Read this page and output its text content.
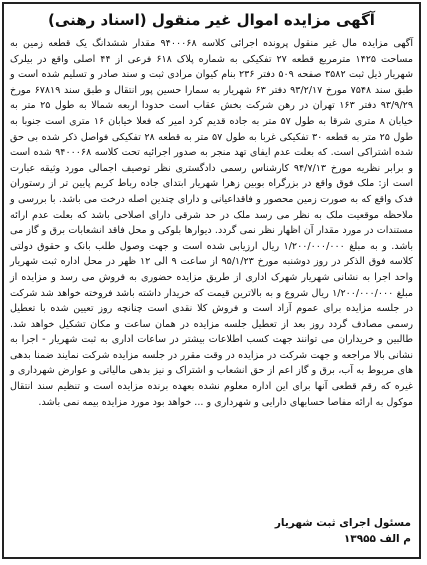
آگهی مزایده اموال غیر منقول (اسناد رهنی)

آگهی مزایده مال غیر منقول پرونده اجرائی کلاسه ۹۴۰۰۰۶۸ مقدار ششدانگ یک قطعه زمین به مساحت ۱۴۲۵ مترمربع قطعه ۲۷ تفکیکی به شماره پلاک ۶۱۸ فرعی از ۴۴ اصلی واقع در بیلرک شهریار ذیل ثبت ۳۵۸۲ صفحه ۵۰۹ دفتر ۲۳۶ بنام کیوان مرادی ثبت و سند صادر و تسلیم شده است و طبق سند ۷۵۴۸ مورخ ۹۳/۲/۱۷ دفتر ۶۳ شهریار به سمارا حسین پور انتقال و طبق سند ۶۷۸۱۹ مورخ ۹۳/۹/۲۹ دفتر ۱۶۳ تهران در رهن شرکت بخش عقاب است حدودا اربعه شمالا به طول ۲۵ متر به خیابان ۸ متری شرقا به طول ۵۷ متر به جاده قدیم کرد امیر که فعلا خیابان ۱۶ متری است جنوبا به طول ۲۵ متر به قطعه ۳۰ تفکیکی غربا به طول ۵۷ متر به قطعه ۲۸ تفکیکی فواصل ذکر شده بی حق شده اشتراکی است. که بعلت عدم ایفای تهد منجر به صدور اجرائیه تحت کلاسه ۹۴۰۰۰۶۸ شده است و برابر نظریه مورخ ۹۴/۷/۱۳ کارشناس رسمی دادگستری نظر توصیف اجمالی مورد وثیقه عبارت است از: ملک فوق واقع در بزرگراه بوبین زهرا شهریار ابتدای جاده رباط کریم پایین تر از رستوران فدک واقع که به صورت زمین محصور و فاقداعیانی و دارای چندین اصله درخت می باشد. با بررسی و ملاحظه موقعیت ملک به نظر می رسد ملک در حد شرقی دارای اصلاحی باشد که بعلت عدم ارائه مستندات در مورد مقدار آن اظهار نظر نمی گردد. دیوارها بلوکی و محل فاقد انشعابات برق و گاز می باشد. و به مبلغ ۱/۲۰۰/۰۰۰/۰۰۰ ریال ارزیابی شده است و جهت وصول طلب بانک و حقوق دولتی کلاسه فوق الذکر در روز دوشنبه مورخ ۹۵/۱/۲۳ از ساعت ۹ الی ۱۲ ظهر در محل اداره ثبت شهریار واحد اجرا به نشانی شهریار شهرک اداری از طریق مزایده حضوری به فروش می رسد و مزایده از مبلغ ۱/۲۰۰/۰۰۰/۰۰۰ ریال شروع و به بالاترین قیمت که خریدار داشته باشد فروخته خواهد شد شرکت در جلسه مزایده برای عموم آزاد است و فروش کلا نقدی است چنانچه روز تعیین شده با تعطیل رسمی مصادف گردد روز بعد از تعطیل جلسه مزایده در همان ساعت و مکان تشکیل خواهد شد. طالبین و خریداران می توانند جهت کسب اطلاعات بیشتر در ساعات اداری به ثبت شهریار - اجرا به نشانی بالا مراجعه و جهت شرکت در مزایده در وقت مقرر در جلسه مزایده شرکت نمایند ضمنا بدهی های مربوط به آب، برق و گاز اعم از حق انشعاب و اشتراک و نیز بدهی مالیاتی و عوارض شهرداری و غیره که رقم قطعی آنها برای این اداره معلوم نشده بعهده برنده مزایده است و تنظیم سند انتقال موکول به ارائه مفاصا حسابهای دارایی و شهرداری و ... خواهد بود مورد مزایده بیمه نمی باشد.

مسئول اجرای ثبت شهریار
م الف ۱۳۹۵۵
